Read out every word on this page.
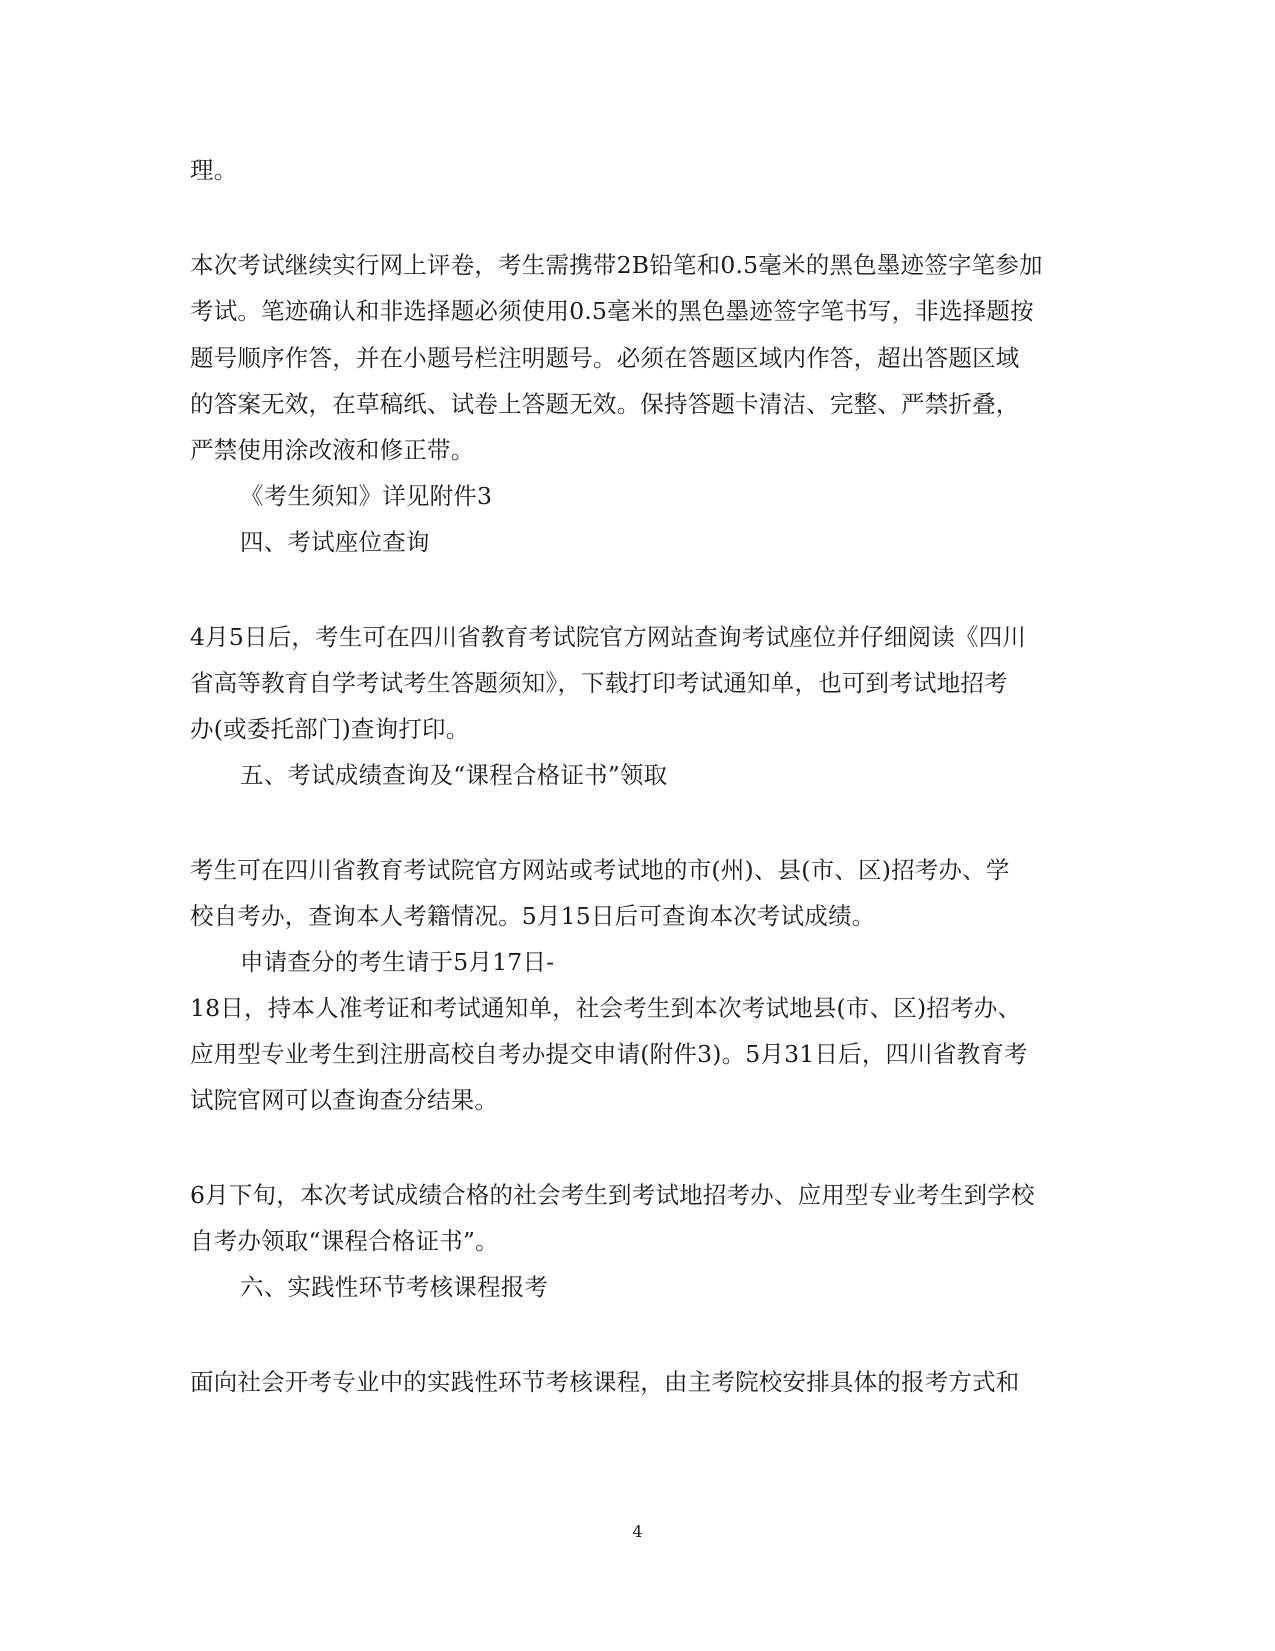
理。
本次考试继续实行网上评卷，考生需携带2B铅笔和0.5毫米的黑色墨迹签字笔参加
考试。笔迹确认和非选择题必须使用0.5毫米的黑色墨迹签字笔书写，非选择题按
题号顺序作答，并在小题号栏注明题号。必须在答题区域内作答，超出答题区域
的答案无效，在草稿纸、试卷上答题无效。保持答题卡清洁、完整、严禁折叠，
严禁使用涂改液和修正带。
《考生须知》详见附件3
四、考试座位查询
4月5日后，考生可在四川省教育考试院官方网站查询考试座位并仔细阅读《四川
省高等教育自学考试考生答题须知》，下载打印考试通知单，也可到考试地招考
办(或委托部门)查询打印。
五、考试成绩查询及“课程合格证书”领取
考生可在四川省教育考试院官方网站或考试地的市(州)、县(市、区)招考办、学
校自考办，查询本人考籍情况。5月15日后可查询本次考试成绩。
申请查分的考生请于5月17日-
18日，持本人准考证和考试通知单，社会考生到本次考试地县(市、区)招考办、
应用型专业考生到注册高校自考办提交申请(附件3)。5月31日后，四川省教育考
试院官网可以查询查分结果。
6月下旬，本次考试成绩合格的社会考生到考试地招考办、应用型专业考生到学校
自考办领取“课程合格证书”。
六、实践性环节考核课程报考
面向社会开考专业中的实践性环节考核课程，由主考院校安排具体的报考方式和
4
